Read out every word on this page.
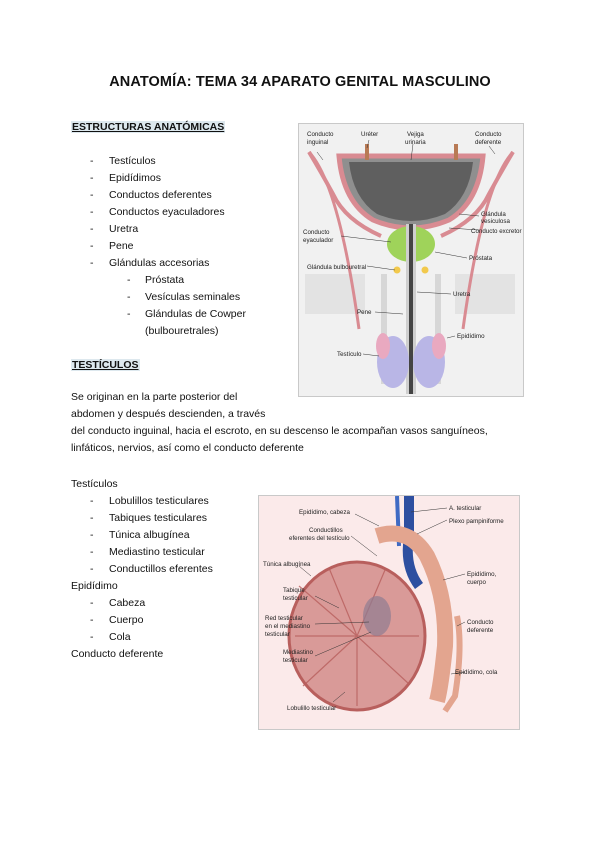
ANATOMÍA: TEMA 34 APARATO GENITAL MASCULINO
ESTRUCTURAS ANATÓMICAS
- Testículos
- Epidídimos
- Conductos deferentes
- Conductos eyaculadores
- Uretra
- Pene
- Glándulas accesorias
- Próstata
- Vesículas seminales
- Glándulas de Cowper
(bulbouretrales)
TESTÍCULOS
Se originan en la parte posterior del
abdomen y después descienden, a través
del conducto inguinal, hacia el escroto, en su descenso le acompañan vasos sanguíneos,
linfáticos, nervios, así como el conducto deferente
Testículos
- Lobulillos testiculares
- Tabiques testiculares
- Túnica albugínea
- Mediastino testicular
- Conductillos eferentes
Epidídimo
- Cabeza
- Cuerpo
- Cola
Conducto deferente
Conducto
inguinal
Uréter	Vejiga
urinaria
Conducto
deferente
Glándula
vesiculosa
Conducto excretor
Conducto
eyaculador
Próstata
Glándula bulbouretral
Uretra
Pene
Epidídimo
Testículo
Epidídimo, cabeza
Conductillos
eferentes del testículo
Túnica albugínea
Tabique
testicular
Red testicular
en el mediastino
testicular
Mediastino
testicular
Lobulillo testicular
A. testicular
Plexo pampiniforme
Epidídimo,
cuerpo
Conducto
deferente
Epidídimo, cola
